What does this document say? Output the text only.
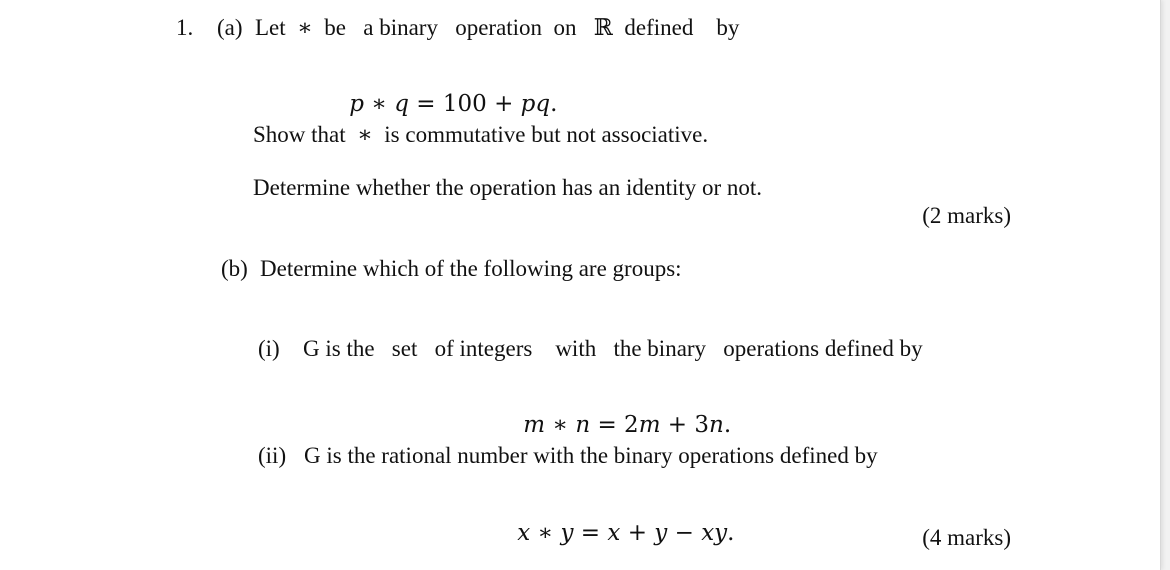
1. (a) Let  ∗  be   a binary   operation  on   ℝ  defined    by

p ∗ q = 100 + pq.

Show that  ∗  is commutative but not associative.
Determine whether the operation has an identity or not.
(2 marks)
(b) Determine which of the following are groups:
(i) G is the   set   of integers    with   the binary   operations defined by

m ∗ n = 2m + 3n.

(ii) G is the rational number with the binary operations defined by

x ∗ y = x + y − xy.
	(4 marks)
